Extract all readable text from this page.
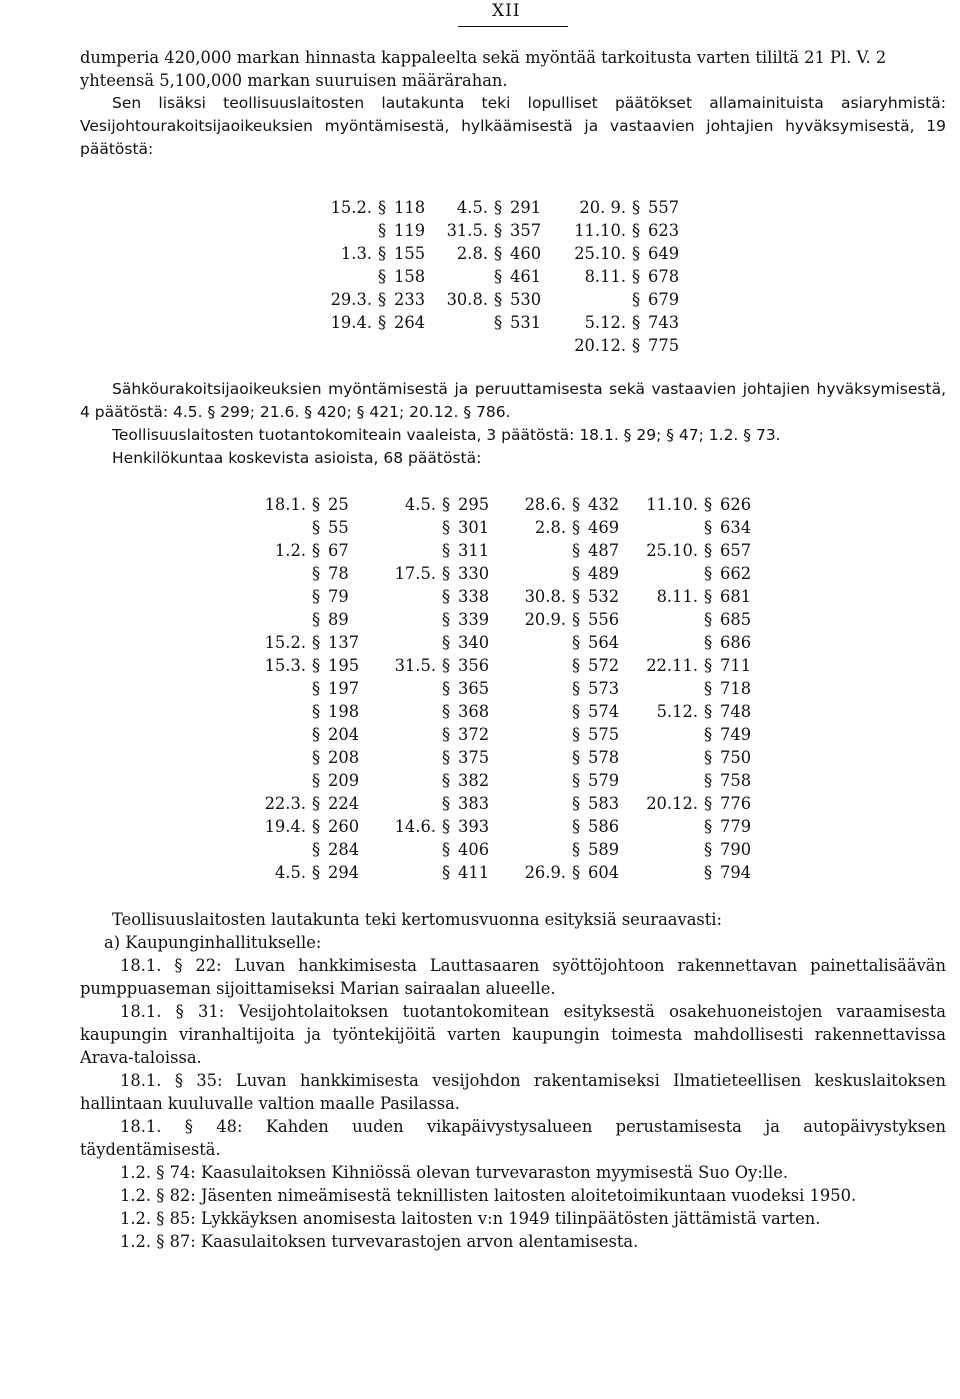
XII

dumperia 420,000 markan hinnasta kappaleelta sekä myöntää tarkoitusta varten tililtä 21 Pl. V. 2

yhteensä 5,100,000 markan suuruisen määrärahan.

Sen lisäksi teollisuuslaitosten lautakunta teki lopulliset päätökset allamainituista asiaryhmistä: Vesijohtourakoitsijaoikeuksien myöntämisestä, hylkäämisestä ja vastaavien johtajien hyväksymisestä, 19 päätöstä:

15.2.	§	118	4.5.	§	291	20. 9.	§	557
	§	119	31.5.	§	357	11.10.	§	623
1.3.	§	155	2.8.	§	460	25.10.	§	649
	§	158		§	461	8.11.	§	678
29.3.	§	233	30.8.	§	530		§	679
19.4.	§	264		§	531	5.12.	§	743
						20.12.	§	775

Sähköurakoitsijaoikeuksien myöntämisestä ja peruuttamisesta sekä vastaavien johtajien hyväksymisestä, 4 päätöstä: 4.5. § 299; 21.6. § 420; § 421; 20.12. § 786.

Teollisuuslaitosten tuotantokomiteain vaaleista, 3 päätöstä: 18.1. § 29; § 47; 1.2. § 73.

Henkilökuntaa koskevista asioista, 68 päätöstä:

18.1.	§	25	4.5.	§	295	28.6.	§	432	11.10.	§	626
	§	55		§	301	2.8.	§	469		§	634
1.2.	§	67		§	311		§	487	25.10.	§	657
	§	78	17.5.	§	330		§	489		§	662
	§	79		§	338	30.8.	§	532	8.11.	§	681
	§	89		§	339	20.9.	§	556		§	685
15.2.	§	137		§	340		§	564		§	686
15.3.	§	195	31.5.	§	356		§	572	22.11.	§	711
	§	197		§	365		§	573		§	718
	§	198		§	368		§	574	5.12.	§	748
	§	204		§	372		§	575		§	749
	§	208		§	375		§	578		§	750
	§	209		§	382		§	579		§	758
22.3.	§	224		§	383		§	583	20.12.	§	776
19.4.	§	260	14.6.	§	393		§	586		§	779
	§	284		§	406		§	589		§	790
4.5.	§	294		§	411	26.9.	§	604		§	794

Teollisuuslaitosten lautakunta teki kertomusvuonna esityksiä seuraavasti:

a) Kaupunginhallitukselle:

18.1. § 22: Luvan hankkimisesta Lauttasaaren syöttöjohtoon rakennettavan painettalisäävän pumppuaseman sijoittamiseksi Marian sairaalan alueelle.

18.1. § 31: Vesijohtolaitoksen tuotantokomitean esityksestä osakehuoneistojen varaamisesta kaupungin viranhaltijoita ja työntekijöitä varten kaupungin toimesta mahdollisesti rakennettavissa Arava-taloissa.

18.1. § 35: Luvan hankkimisesta vesijohdon rakentamiseksi Ilmatieteellisen keskuslaitoksen hallintaan kuuluvalle valtion maalle Pasilassa.

18.1. § 48: Kahden uuden vikapäivystysalueen perustamisesta ja autopäivystyksen täydentämisestä.

1.2. § 74: Kaasulaitoksen Kihniössä olevan turvevaraston myymisestä Suo Oy:lle.

1.2. § 82: Jäsenten nimeämisestä teknillisten laitosten aloitetoimikuntaan vuodeksi 1950.

1.2. § 85: Lykkäyksen anomisesta laitosten v:n 1949 tilinpäätösten jättämistä varten.

1.2. § 87: Kaasulaitoksen turvevarastojen arvon alentamisesta.
